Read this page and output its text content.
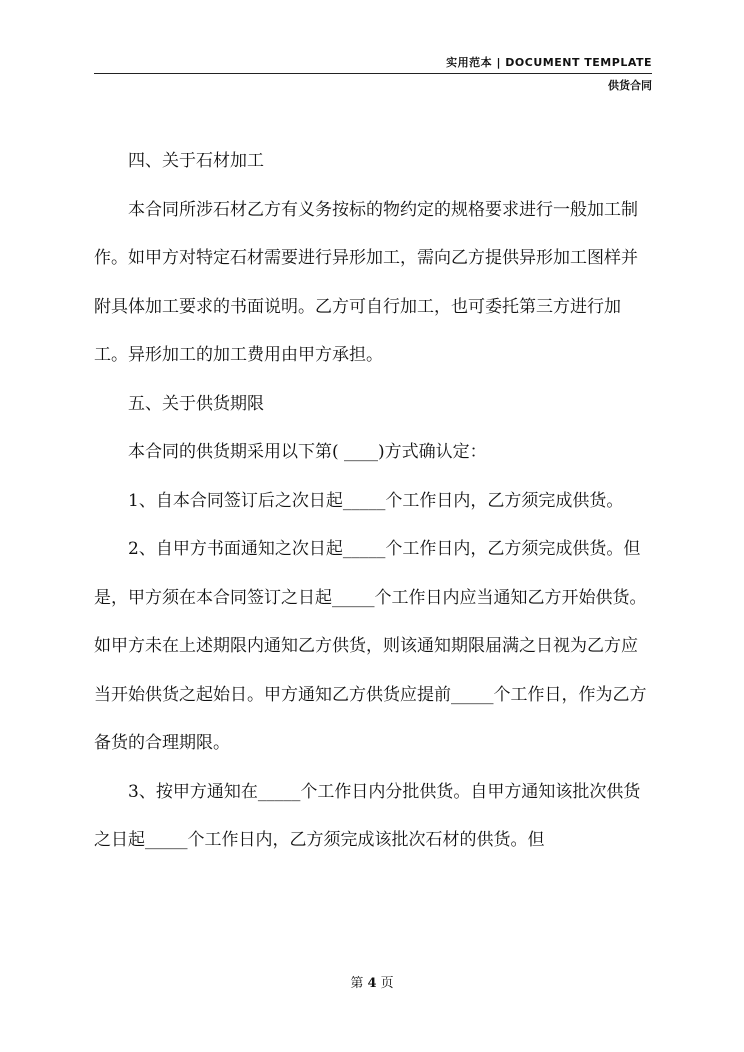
实用范本 | DOCUMENT TEMPLATE
供货合同

四、关于石材加工

本合同所涉石材乙方有义务按标的物约定的规格要求进行一般加工制作。如甲方对特定石材需要进行异形加工，需向乙方提供异形加工图样并附具体加工要求的书面说明。乙方可自行加工，也可委托第三方进行加工。异形加工的加工费用由甲方承担。

五、关于供货期限

本合同的供货期采用以下第( ____)方式确认定：

1、自本合同签订后之次日起_____个工作日内，乙方须完成供货。

2、自甲方书面通知之次日起_____个工作日内，乙方须完成供货。但是，甲方须在本合同签订之日起_____个工作日内应当通知乙方开始供货。如甲方未在上述期限内通知乙方供货，则该通知期限届满之日视为乙方应当开始供货之起始日。甲方通知乙方供货应提前_____个工作日，作为乙方备货的合理期限。

3、按甲方通知在_____个工作日内分批供货。自甲方通知该批次供货之日起_____个工作日内，乙方须完成该批次石材的供货。但

第 4 页
